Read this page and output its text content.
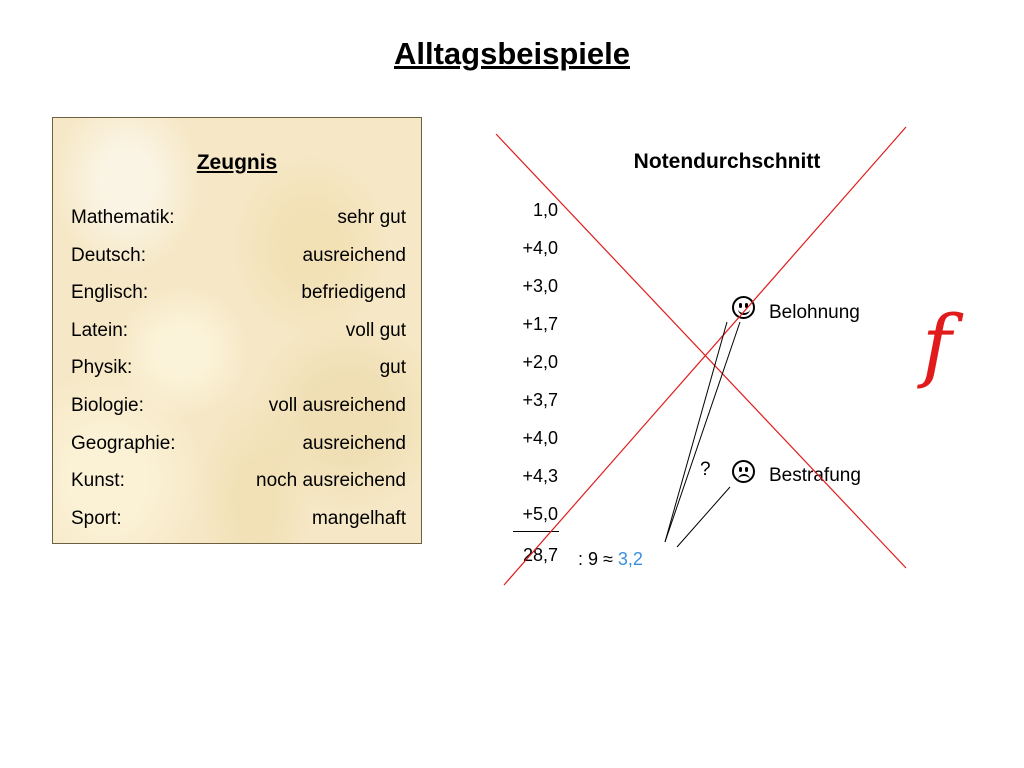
Alltagsbeispiele
Zeugnis
Mathematik:	sehr gut
Deutsch:	ausreichend
Englisch:	befriedigend
Latein:	voll gut
Physik:	gut
Biologie:	voll ausreichend
Geographie:	ausreichend
Kunst:	noch ausreichend
Sport:	mangelhaft
Notendurchschnitt
1,0
+4,0
+3,0
+1,7
+2,0
+3,7
+4,0
+4,3
+5,0
28,7 : 9 ≈ 3,2
Belohnung
Bestrafung
?
f
